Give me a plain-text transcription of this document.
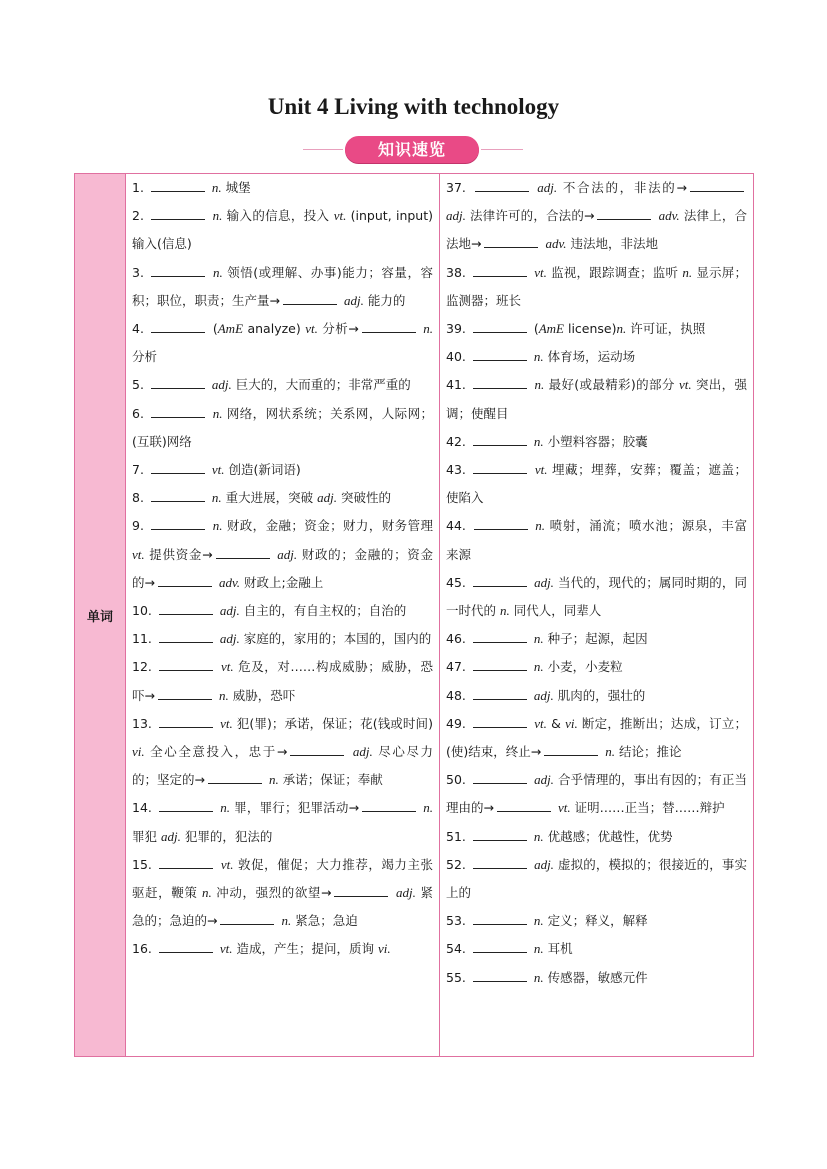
Unit 4 Living with technology
知识速览
单词	
1.	n. 城堡
2.	n. 输入的信息，投入 vt. (input, input) 输入(信息)
3.	n. 领悟(或理解、办事)能力；容量，容积；职位，职责；生产量→	adj. 能力的
4.	(AmE analyze) vt. 分析→	n. 分析
5.	adj. 巨大的，大而重的；非常严重的
6.	n. 网络，网状系统；关系网，人际网；(互联)网络
7.	vt. 创造(新词语)
8.	n. 重大进展，突破 adj. 突破性的
9.	n. 财政，金融；资金；财力，财务管理 vt. 提供资金→	adj. 财政的；金融的；资金的→	adv. 财政上;金融上
10.	adj. 自主的，有自主权的；自治的
11.	adj. 家庭的，家用的；本国的，国内的
12.	vt. 危及，对……构成威胁；威胁，恐吓→	n. 威胁，恐吓
13.	vt. 犯(罪)；承诺，保证；花(钱或时间) vi. 全心全意投入，忠于→	adj. 尽心尽力的；坚定的→	n. 承诺；保证；奉献
14.	n. 罪，罪行；犯罪活动→	n. 罪犯 adj. 犯罪的，犯法的
15.	vt. 敦促，催促；大力推荐，竭力主张 驱赶，鞭策 n. 冲动，强烈的欲望→	adj. 紧急的；急迫的→	n. 紧急；急迫
16.	vt. 造成，产生；提问，质询 vi.

37.	adj. 不合法的，非法的→ adj. 法律许可的，合法的→	adv. 法律上，合法地→	adv. 违法地，非法地
38.	vt. 监视，跟踪调查；监听 n. 显示屏；监测器；班长
39.	(AmE license)n. 许可证，执照
40.	n. 体育场，运动场
41.	n. 最好(或最精彩)的部分 vt. 突出，强调；使醒目
42.	n. 小塑料容器；胶囊
43.	vt. 埋藏；埋葬，安葬；覆盖；遮盖；使陷入
44.	n. 喷射，涌流；喷水池；源泉，丰富来源
45.	adj. 当代的，现代的；属同时期的，同一时代的 n. 同代人，同辈人
46.	n. 种子；起源，起因
47.	n. 小麦，小麦粒
48.	adj. 肌肉的，强壮的
49.	vt. & vi. 断定，推断出；达成，订立；(使)结束，终止→	n. 结论；推论
50.	adj. 合乎情理的，事出有因的；有正当理由的→	vt. 证明……正当；替……辩护
51.	n. 优越感；优越性，优势
52.	adj. 虚拟的，模拟的；很接近的，事实上的
53.	n. 定义；释义，解释
54.	n. 耳机
55.	n. 传感器，敏感元件
